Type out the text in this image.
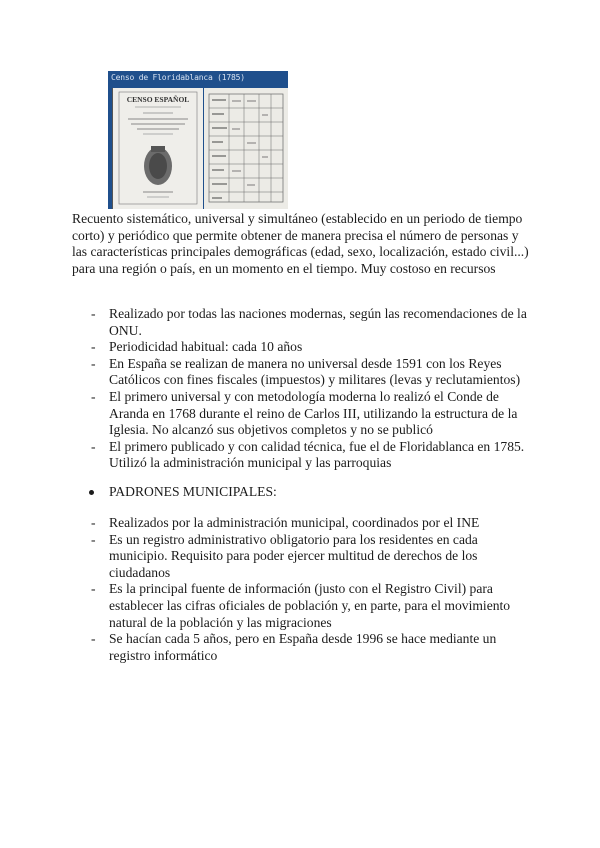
Censo de Floridablanca (1785)
CENSO ESPAÑOL

Recuento sistemático, universal y simultáneo (establecido en un periodo de tiempo corto) y periódico que permite obtener de manera precisa el número de personas y las características principales demográficas (edad, sexo, localización, estado civil...) para una región o país, en un momento en el tiempo. Muy costoso en recursos

- Realizado por todas las naciones modernas, según las recomendaciones de la ONU.
- Periodicidad habitual: cada 10 años
- En España se realizan de manera no universal desde 1591 con los Reyes Católicos con fines fiscales (impuestos) y militares (levas y reclutamientos)
- El primero universal y con metodología moderna lo realizó el Conde de Aranda en 1768 durante el reino de Carlos III, utilizando la estructura de la Iglesia. No alcanzó sus objetivos completos y no se publicó
- El primero publicado y con calidad técnica, fue el de Floridablanca en 1785. Utilizó la administración municipal y las parroquias

PADRONES MUNICIPALES:

- Realizados por la administración municipal, coordinados por el INE
- Es un registro administrativo obligatorio para los residentes en cada municipio. Requisito para poder ejercer multitud de derechos de los ciudadanos
- Es la principal fuente de información (justo con el Registro Civil) para establecer las cifras oficiales de población y, en parte, para el movimiento natural de la población y las migraciones
- Se hacían cada 5 años, pero en España desde 1996 se hace mediante un registro informático
